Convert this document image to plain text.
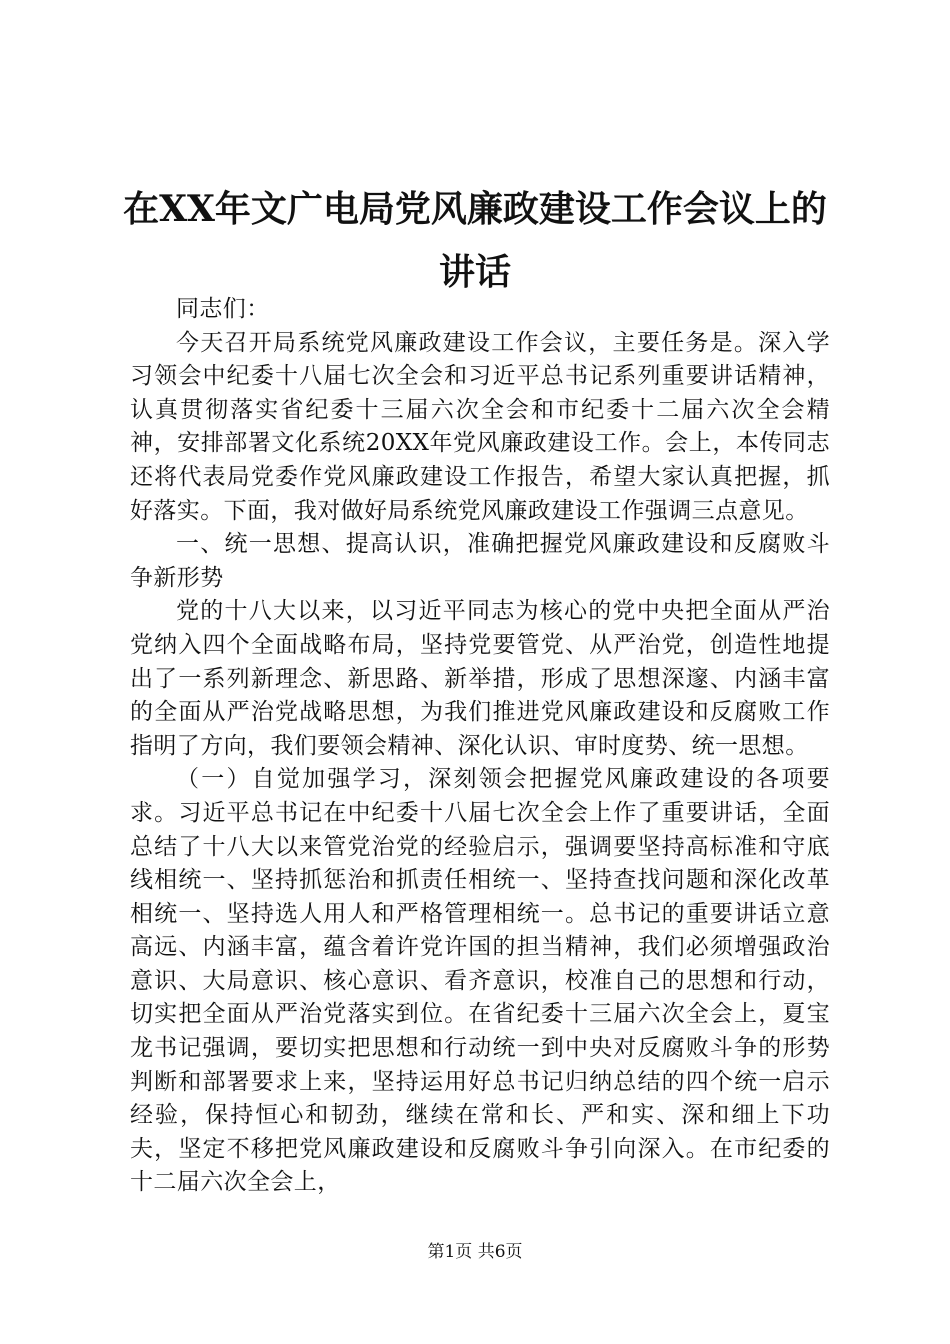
在XX年文广电局党风廉政建设工作会议上的
讲话

同志们：

今天召开局系统党风廉政建设工作会议，主要任务是。深入学习领会中纪委十八届七次全会和习近平总书记系列重要讲话精神，认真贯彻落实省纪委十三届六次全会和市纪委十二届六次全会精神，安排部署文化系统20XX年党风廉政建设工作。会上，本传同志还将代表局党委作党风廉政建设工作报告，希望大家认真把握，抓好落实。下面，我对做好局系统党风廉政建设工作强调三点意见。

一、统一思想、提高认识，准确把握党风廉政建设和反腐败斗争新形势

党的十八大以来，以习近平同志为核心的党中央把全面从严治党纳入四个全面战略布局，坚持党要管党、从严治党，创造性地提出了一系列新理念、新思路、新举措，形成了思想深邃、内涵丰富的全面从严治党战略思想，为我们推进党风廉政建设和反腐败工作指明了方向，我们要领会精神、深化认识、审时度势、统一思想。

（一）自觉加强学习，深刻领会把握党风廉政建设的各项要求。习近平总书记在中纪委十八届七次全会上作了重要讲话，全面总结了十八大以来管党治党的经验启示，强调要坚持高标准和守底线相统一、坚持抓惩治和抓责任相统一、坚持查找问题和深化改革相统一、坚持选人用人和严格管理相统一。总书记的重要讲话立意高远、内涵丰富，蕴含着许党许国的担当精神，我们必须增强政治意识、大局意识、核心意识、看齐意识，校准自己的思想和行动，切实把全面从严治党落实到位。在省纪委十三届六次全会上，夏宝龙书记强调，要切实把思想和行动统一到中央对反腐败斗争的形势判断和部署要求上来，坚持运用好总书记归纳总结的四个统一启示经验，保持恒心和韧劲，继续在常和长、严和实、深和细上下功夫，坚定不移把党风廉政建设和反腐败斗争引向深入。在市纪委的十二届六次全会上，

第1页 共6页
